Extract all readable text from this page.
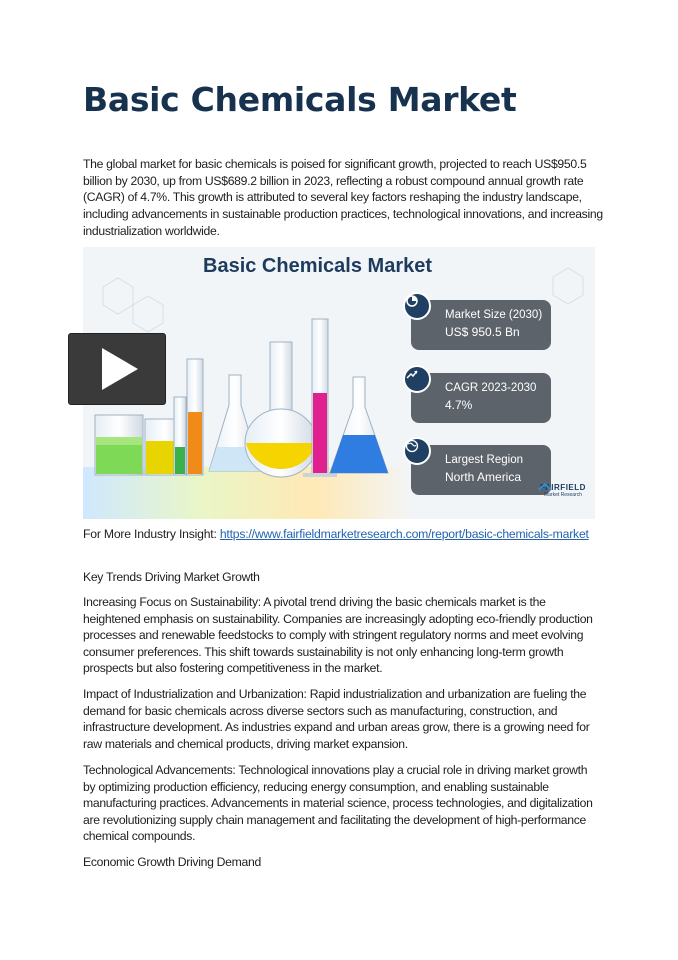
Basic Chemicals Market

The global market for basic chemicals is poised for significant growth, projected to reach US$950.5 billion by 2030, up from US$689.2 billion in 2023, reflecting a robust compound annual growth rate (CAGR) of 4.7%. This growth is attributed to several key factors reshaping the industry landscape, including advancements in sustainable production practices, technological innovations, and increasing industrialization worldwide.

Basic Chemicals Market
Market Size (2030)
US$ 950.5 Bn
CAGR 2023-2030
4.7%
Largest Region
North America
FAIRFIELD
Market Research

For More Industry Insight: https://www.fairfieldmarketresearch.com/report/basic-chemicals-market

Key Trends Driving Market Growth

Increasing Focus on Sustainability: A pivotal trend driving the basic chemicals market is the heightened emphasis on sustainability. Companies are increasingly adopting eco-friendly production processes and renewable feedstocks to comply with stringent regulatory norms and meet evolving consumer preferences. This shift towards sustainability is not only enhancing long-term growth prospects but also fostering competitiveness in the market.

Impact of Industrialization and Urbanization: Rapid industrialization and urbanization are fueling the demand for basic chemicals across diverse sectors such as manufacturing, construction, and infrastructure development. As industries expand and urban areas grow, there is a growing need for raw materials and chemical products, driving market expansion.

Technological Advancements: Technological innovations play a crucial role in driving market growth by optimizing production efficiency, reducing energy consumption, and enabling sustainable manufacturing practices. Advancements in material science, process technologies, and digitalization are revolutionizing supply chain management and facilitating the development of high-performance chemical compounds.

Economic Growth Driving Demand
